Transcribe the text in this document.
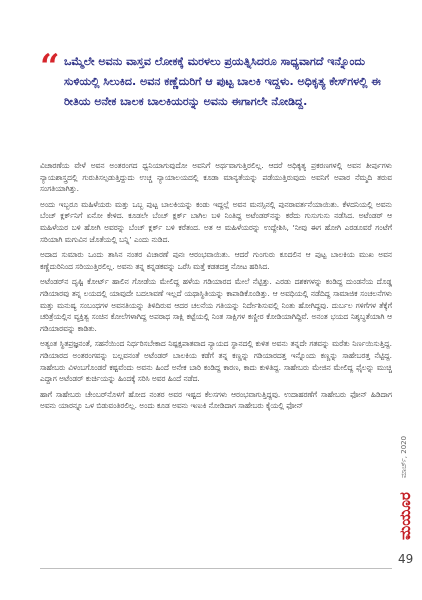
“ ಒಮ್ಮೆಲೇ ಅವನು ವಾಸ್ತವ ಲೋಕಕ್ಕೆ ಮರಳಲು ಪ್ರಯತ್ನಿಸಿದರೂ ಸಾಧ್ಯವಾಗದೆ ಇನ್ನೊಂದು ಸುಳಿಯಲ್ಲಿ ಸಿಲುಕಿದ. ಅವನ ಕಣ್ಣೆದುರಿಗೆ ಆ ಪುಟ್ಟ ಬಾಲಕಿ ಇದ್ದಳು. ಅಧಿಕೃತ್ಯ ಕೇಸ್‌ಗಳಲ್ಲಿ ಈ ರೀತಿಯ ಅನೇಕ ಬಾಲಕ ಬಾಲಕಿಯರನ್ನು ಅವನು ಈಗಾಗಲೇ ನೋಡಿದ್ದ.

ವಿಚಾರಣೆಯ ವೇಳೆ ಅವನ ಅಂತರಂಗದ ಧ್ವನಿಯಾಗುವುದೋ ಅವನಿಗೆ ಅರ್ಥವಾಗುತ್ತಿರಲಿಲ್ಲ. ಆದರೆ ಅಧಿಕೃತ್ಯ ಪ್ರಕರಣಗಳಲ್ಲಿ ಅವನ ತೀರ್ಪುಗಳು ನ್ಯಾಯಶಾಸ್ತ್ರದಲ್ಲಿ ಗುರುತಿಸಲ್ಪಡುತ್ತಿದ್ದುದು ಉಚ್ಚ ನ್ಯಾಯಾಲಯದಲ್ಲಿ ಕೂಡಾ ಮಾನ್ಯತೆಯನ್ನು ಪಡೆಯುತ್ತಿರುವುದು ಅವನಿಗೆ ಅಪಾರ ನೆಮ್ಮದಿ ತರುವ ಸಂಗತಿಯಾಗಿತ್ತು.

ಅಂದು ಇಬ್ಬರೂ ಮಹಿಳೆಯರು ಮತ್ತು ಒಬ್ಬ ಪುಟ್ಟ ಬಾಲಕಿಯನ್ನು ಕಂಡು ಇದ್ದಲ್ಲೆ ಅವನ ಮನಸ್ಸಿನಲ್ಲಿ ಪುನರಾವರ್ತನೆಯಾಯಿತು. ಕೆಳದನಿಯಲ್ಲಿ ಅವನು ಬೆಂಚ್ ಕ್ಲರ್ಕ್‌ನಿಗೆ ಏನೋ ಕೇಳಿದ. ಕೂಡಲೇ ಬೆಂಚ್ ಕ್ಲರ್ಕ್ ಬಾಗಿಲ ಬಳಿ ನಿಂತಿದ್ದ ಅಟೆಂಡರ್‌ನನ್ನು ಕರೆದು ಗುಸುಗುಸು ನಡೆಸಿದ. ಅಟೆಂಡರ್ ಆ ಮಹಿಳೆಯರ ಬಳಿ ಹೋಗಿ ಅವರನ್ನು ಬೆಂಚ್ ಕ್ಲರ್ಕ್ ಬಳಿ ಕರೆತಂದ. ಅತ ಆ ಮಹಿಳೆಯರನ್ನು ಉದ್ದೇಶಿಸಿ, ‘ನೀವು ಈಗ ಹೋಗಿ ಎರಡೂವರೆ ಗಂಟೆಗೆ ಸರಿಯಾಗಿ ಮಗುವಿನ ಜೊತೆಯಲ್ಲಿ ಬನ್ನಿ’ ಎಂದು ನುಡಿದ.

ಅದಾದ ಸುಮಾರು ಒಂದು ತಾಸಿನ ನಂತರ ವಿಚಾರಣೆ ಪುನಃ ಆರಂಭವಾಯಿತು. ಆದರೆ ಗುಂಗುರು ಕೂದಲಿನ ಆ ಪುಟ್ಟ ಬಾಲಕಿಯ ಮುಖ ಅವನ ಕಣ್ಣೆದುರಿನಿಂದ ಸರಿಯುತ್ತಿರಲಿಲ್ಲ. ಅವನು ತನ್ನ ಕನ್ನಡಕವನ್ನು ಒರೆಸಿ ಮತ್ತೆ ಕಡತದತ್ತ ನೋಟ ಹರಿಸಿದ.

ಅಟೆಂಡರ್‌ನ ದೃಷ್ಟಿ ಕೋರ್ಟ್ ಹಾಲಿನ ಗೋಡೆಯ ಮೇಲಿದ್ದ ಹಳೆಯ ಗಡಿಯಾರದ ಮೇಲೆ ನೆಟ್ಟಿತ್ತು. ಎರಡು ದಶಕಗಳನ್ನು ಕಂಡಿದ್ದ ದುಂಡನೆಯ ದೊಡ್ಡ ಗಡಿಯಾರವು ತನ್ನ ಲಯದಲ್ಲಿ ಯಾವುದೇ ಬದಲಾವಣೆ ಇಲ್ಲದೆ ಯಥಾಸ್ಥಿತಿಯನ್ನು ಕಾಪಾಡಿಕೊಂಡಿತ್ತು. ಆ ಅವಧಿಯಲ್ಲಿ ನಡೆದಿದ್ದ ಸಾಮಾಜಿಕ ಸಂಚಲನೆಗಳು ಮತ್ತು ಮನುಷ್ಯ ಸಂಬಂಧಗಳ ಅವನತಿಯನ್ನು ತಿಳಿದಿರುವ ಆದರ ಚಲನೆಯ ಗತಿಯನ್ನು ನಿರ್ದೇಶಿಸುವಲ್ಲಿ ನಿಂತು ಹೋಗಿದ್ದವು. ದುರ್ಬಲ ಗಳಿಗೆಗಳ ತೆಕ್ಕೆಗೆ ಚರಿತ್ರೆಯಲ್ಲಿನ ವ್ಯಕ್ತಿತ್ವ ಸಂಚಿನ ಕೋಲೆಗಳಾಗಿದ್ದ ಅಪರಾಧ ಸಾಕ್ಷಿ ಕಟ್ಟೆಯಲ್ಲಿ ನಿಂತ ಸಾಕ್ಷಿಗಳ ಕಣ್ಣೀರ ಕೋಡಿಯಾಗಿದ್ದಿವೆ. ಅನಂತ ಭಯದ ನಿಶ್ಶಬ್ಧತೆಯಾಗಿ ಆ ಗಡಿಯಾರವನ್ನು ಕಾಡಿತು.

ಅತ್ಯಂತ ಸ್ಥಿತಪ್ರಜ್ಞನಂತೆ, ಸಹನೆಯಿಂದ ನಿರ್ಧರಿಸಬೇಕಾದ ನಿಷ್ಪಕ್ಷಪಾತವಾದ ನ್ಯಾಯದ ಸ್ಥಾನದಲ್ಲಿ ಕುಳಿತ ಅವನು ತನ್ನದೇ ಗತವನ್ನು ಮರೆತು ನಿರ್ಣಯಿಸುತ್ತಿದ್ದ. ಗಡಿಯಾರದ ಅಂತರಂಗವನ್ನು ಬಲ್ಲವನಂತೆ ಅಟೆಂಡರ್ ಬಾಲಕಿಯ ಕಡೆಗೆ ತನ್ನ ಕಣ್ಣನ್ನು ಗಡಿಯಾರದತ್ತ ಇನ್ನೊಂದು ಕಣ್ಣನ್ನು ಸಾಹೇಬರತ್ತ ನೆಟ್ಟಿದ್ದ. ಸಾಹೇಬರು ವಿಳಂಬಗೊಂಡರೆ ಕಷ್ಟವೆಂದು ಅವನು ಹಿಂದೆ ಅನೇಕ ಬಾರಿ ಕಂಡಿದ್ದ ಕಾರಣ, ಕಾದು ಕುಳಿತಿದ್ದ. ಸಾಹೇಬರು ಮೇಜಿನ ಮೇಲಿದ್ದ ಫೈಲನ್ನು ಮುಚ್ಚಿ ಎದ್ದಾಗ ಅಟೆಂಡರ್ ಕುರ್ಚಿಯನ್ನು ಹಿಂದಕ್ಕೆ ಸರಿಸಿ ಅವರ ಹಿಂದೆ ನಡೆದ.

ಹಾಗೆ ಸಾಹೇಬರು ಚೇಂಬರ್‌ನೊಳಗೆ ಹೋದ ನಂತರ ಅವರ ಇಷ್ಟದ ಕೆಲಸಗಳು ಆರಂಭವಾಗುತ್ತಿದ್ದವು. ಉದಾಹರಣೆಗೆ ಸಾಹೇಬರು ಫೋನ್ ಹಿಡಿದಾಗ ಅವನು ಯಾರನ್ನೂ ಒಳ ಬಿಡುವಂತಿರಲಿಲ್ಲ. ಅಂದು ಕೂಡ ಅವನು ಇಣುಕಿ ನೋಡಿದಾಗ ಸಾಹೇಬರು ಕೈಯಲ್ಲಿ ಫೋನ್

ಮಾರ್ಚ್, 2020
ಮಯೂರ
49
